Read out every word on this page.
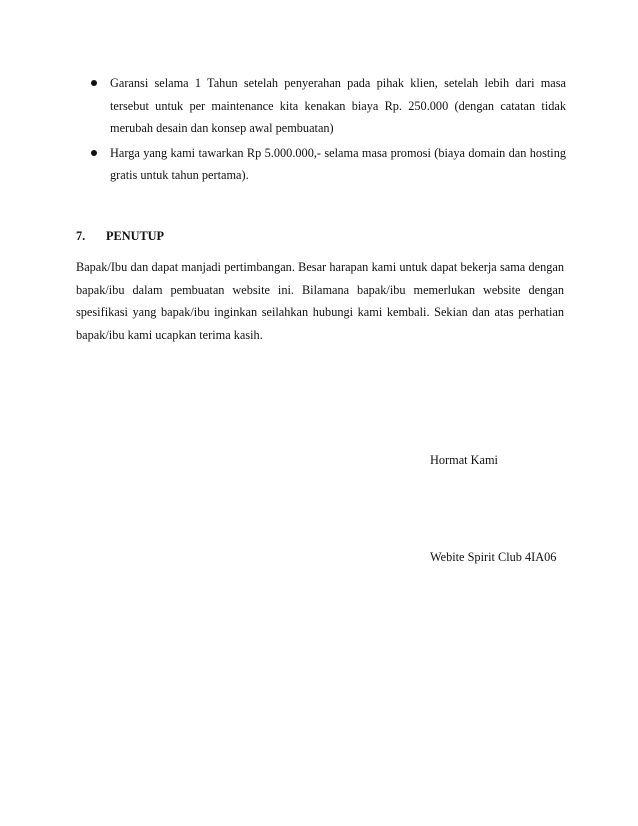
Garansi selama 1 Tahun setelah penyerahan pada pihak klien, setelah lebih dari masa tersebut untuk per maintenance kita kenakan biaya Rp. 250.000 (dengan catatan tidak merubah desain dan konsep awal pembuatan)
Harga yang kami tawarkan Rp 5.000.000,- selama masa promosi (biaya domain dan hosting gratis untuk tahun pertama).
7. PENUTUP

Bapak/Ibu dan dapat manjadi pertimbangan. Besar harapan kami untuk dapat bekerja sama dengan bapak/ibu dalam pembuatan website ini. Bilamana bapak/ibu memerlukan website dengan spesifikasi yang bapak/ibu inginkan seilahkan hubungi kami kembali. Sekian dan atas perhatian bapak/ibu kami ucapkan terima kasih.

Hormat Kami
Webite Spirit Club 4IA06
